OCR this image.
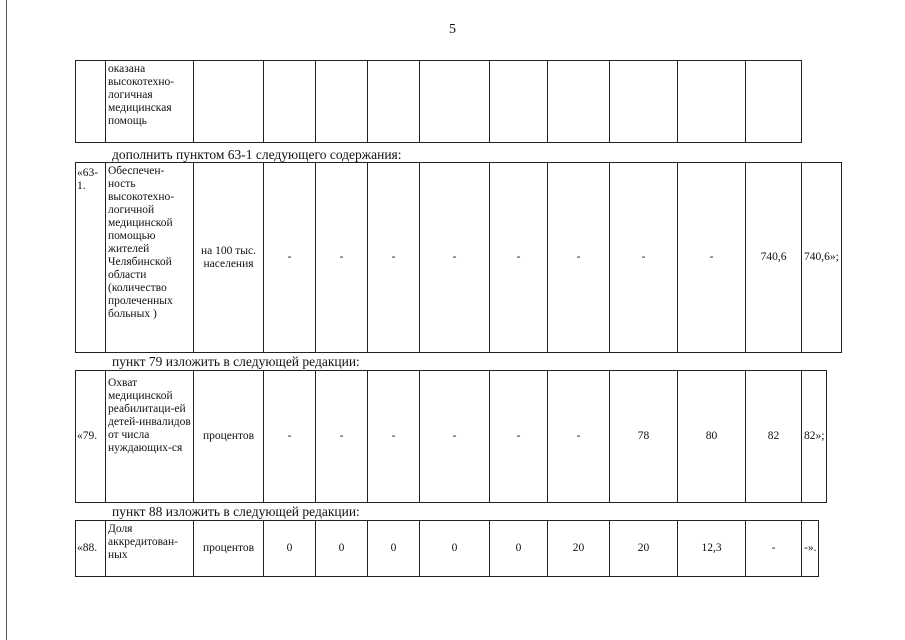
5
	оказана высокотехно-логичная медицинская помощь										
дополнить пунктом 63-1 следующего содержания:
«63-1.	Обеспечен-ность высокотехно-логичной медицинской помощью жителей Челябинской области (количество пролеченных больных )	на 100 тыс. населения	-	-	-	-	-	-	-	-	740,6	740,6»;
пункт 79 изложить в следующей редакции:
«79.	Охват медицинской реабилитаци-ей детей-инвалидов от числа нуждающих-ся	процентов	-	-	-	-	-	-	78	80	82	82»;
пункт 88 изложить в следующей редакции:
«88.	Доля аккредитован-ных	процентов	0	0	0	0	0	20	20	12,3	-	-».
